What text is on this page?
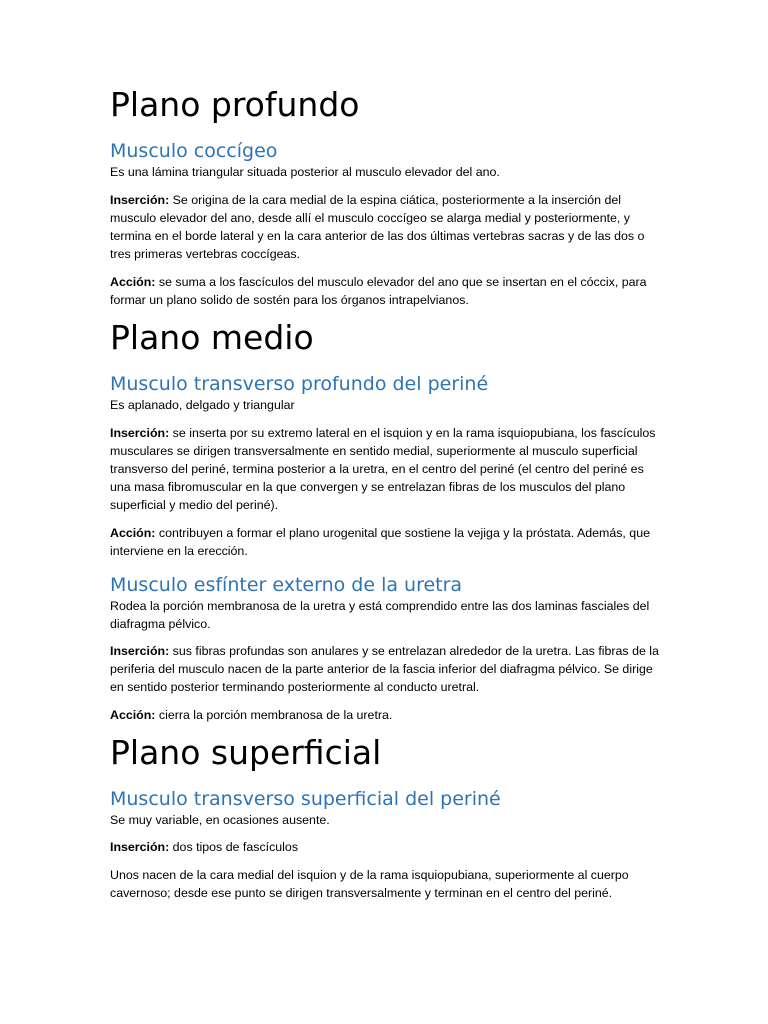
Plano profundo
Musculo coccígeo

Es una lámina triangular situada posterior al musculo elevador del ano.

Inserción: Se origina de la cara medial de la espina ciática, posteriormente a la inserción del musculo elevador del ano, desde allí el musculo coccígeo se alarga medial y posteriormente, y termina en el borde lateral y en la cara anterior de las dos últimas vertebras sacras y de las dos o tres primeras vertebras coccígeas.

Acción: se suma a los fascículos del musculo elevador del ano que se insertan en el cóccix, para formar un plano solido de sostén para los órganos intrapelvianos.

Plano medio
Musculo transverso profundo del periné

Es aplanado, delgado y triangular

Inserción: se inserta por su extremo lateral en el isquion y en la rama isquiopubiana, los fascículos musculares se dirigen transversalmente en sentido medial, superiormente al musculo superficial transverso del periné, termina posterior a la uretra, en el centro del periné (el centro del periné es una masa fibromuscular en la que convergen y se entrelazan fibras de los musculos del plano superficial y medio del periné).

Acción: contribuyen a formar el plano urogenital que sostiene la vejiga y la próstata. Además, que interviene en la erección.

Musculo esfínter externo de la uretra

Rodea la porción membranosa de la uretra y está comprendido entre las dos laminas fasciales del diafragma pélvico.

Inserción: sus fibras profundas son anulares y se entrelazan alrededor de la uretra. Las fibras de la periferia del musculo nacen de la parte anterior de la fascia inferior del diafragma pélvico. Se dirige en sentido posterior terminando posteriormente al conducto uretral.

Acción: cierra la porción membranosa de la uretra.

Plano superficial
Musculo transverso superficial del periné

Se muy variable, en ocasiones ausente.

Inserción: dos tipos de fascículos

Unos nacen de la cara medial del isquion y de la rama isquiopubiana, superiormente al cuerpo cavernoso; desde ese punto se dirigen transversalmente y terminan en el centro del periné.
